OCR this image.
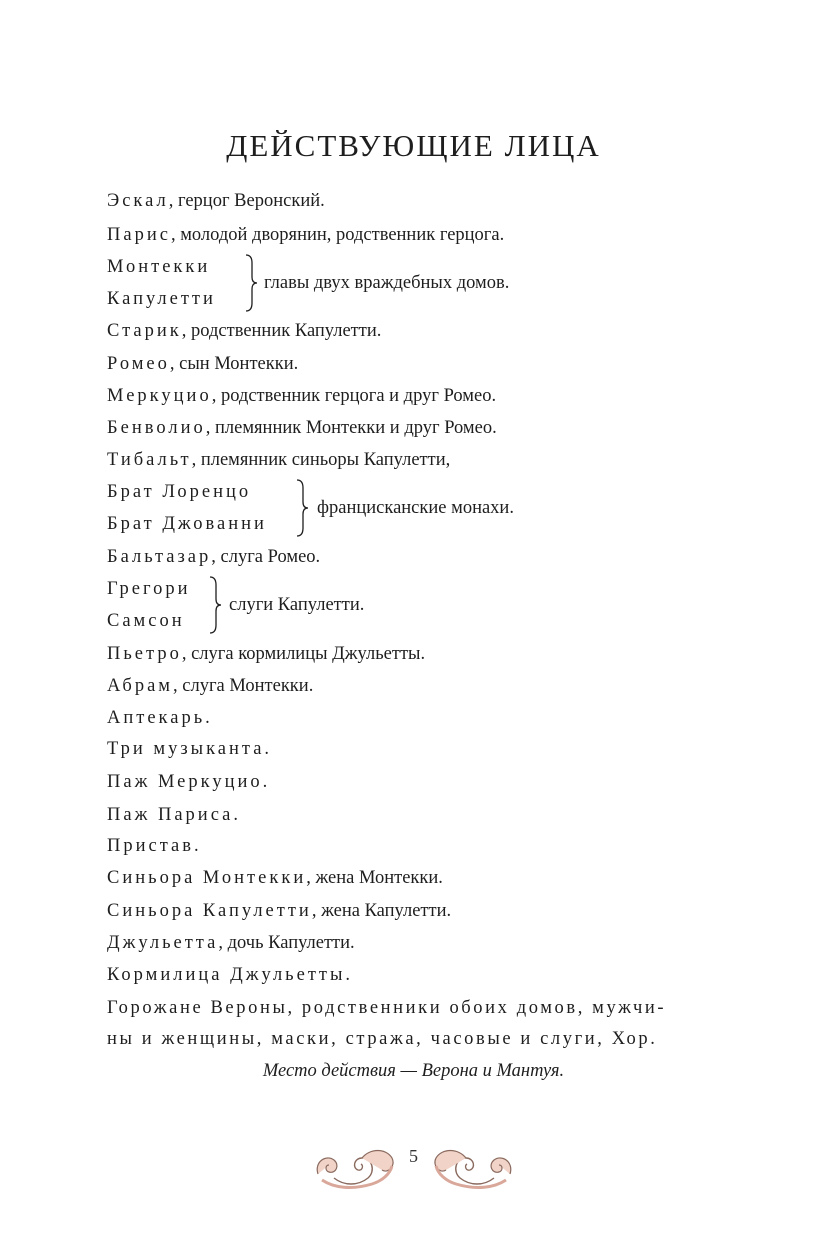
ДЕЙСТВУЮЩИЕ ЛИЦА
Эскал, герцог Веронский.
Парис, молодой дворянин, родственник герцога.
Монтекки
Капулетти
главы двух враждебных домов.
Старик, родственник Капулетти.
Ромео, сын Монтекки.
Меркуцио, родственник герцога и друг Ромео.
Бенволио, племянник Монтекки и друг Ромео.
Тибальт, племянник синьоры Капулетти,
Брат Лоренцо
Брат Джованни
францисканские монахи.
Бальтазар, слуга Ромео.
Грегори
Самсон
слуги Капулетти.
Пьетро, слуга кормилицы Джульетты.
Абрам, слуга Монтекки.
Аптекарь.
Три музыканта.
Паж Меркуцио.
Паж Париса.
Пристав.
Синьора Монтекки, жена Монтекки.
Синьора Капулетти, жена Капулетти.
Джульетта, дочь Капулетти.
Кормилица Джульетты.
Горожане Вероны, родственники обоих домов, мужчи-
ны и женщины, маски, стража, часовые и слуги, Хор.
Место действия — Верона и Мантуя.
5
